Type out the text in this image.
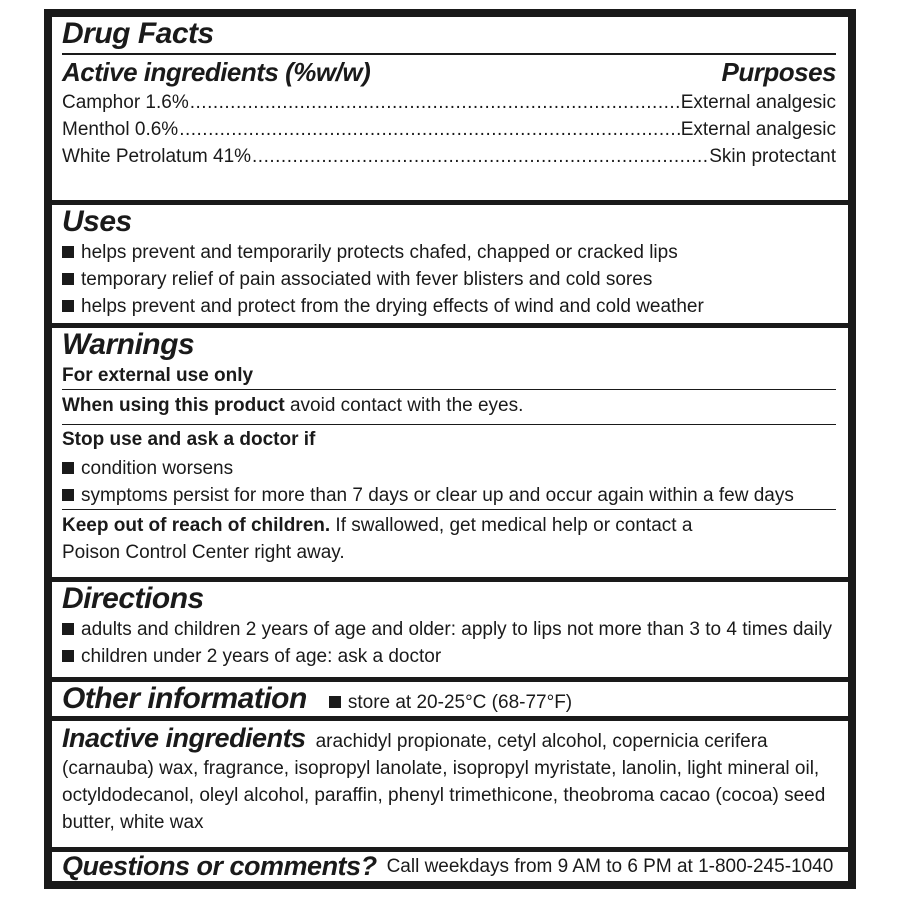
Drug Facts
Active ingredients (%w/w)	Purposes
Camphor 1.6% .....	External analgesic
Menthol 0.6% .....	External analgesic
White Petrolatum 41% .....	Skin protectant
Uses
helps prevent and temporarily protects chafed, chapped or cracked lips
temporary relief of pain associated with fever blisters and cold sores
helps prevent and protect from the drying effects of wind and cold weather
Warnings
For external use only
When using this product avoid contact with the eyes.
Stop use and ask a doctor if
condition worsens
symptoms persist for more than 7 days or clear up and occur again within a few days
Keep out of reach of children. If swallowed, get medical help or contact a
Poison Control Center right away.
Directions
adults and children 2 years of age and older: apply to lips not more than 3 to 4 times daily
children under 2 years of age: ask a doctor
Other information	store at 20-25°C (68-77°F)
Inactive ingredients arachidyl propionate, cetyl alcohol, copernicia cerifera
(carnauba) wax, fragrance, isopropyl lanolate, isopropyl myristate, lanolin, light mineral oil,
octyldodecanol, oleyl alcohol, paraffin, phenyl trimethicone, theobroma cacao (cocoa) seed
butter, white wax
Questions or comments? Call weekdays from 9 AM to 6 PM at 1-800-245-1040
